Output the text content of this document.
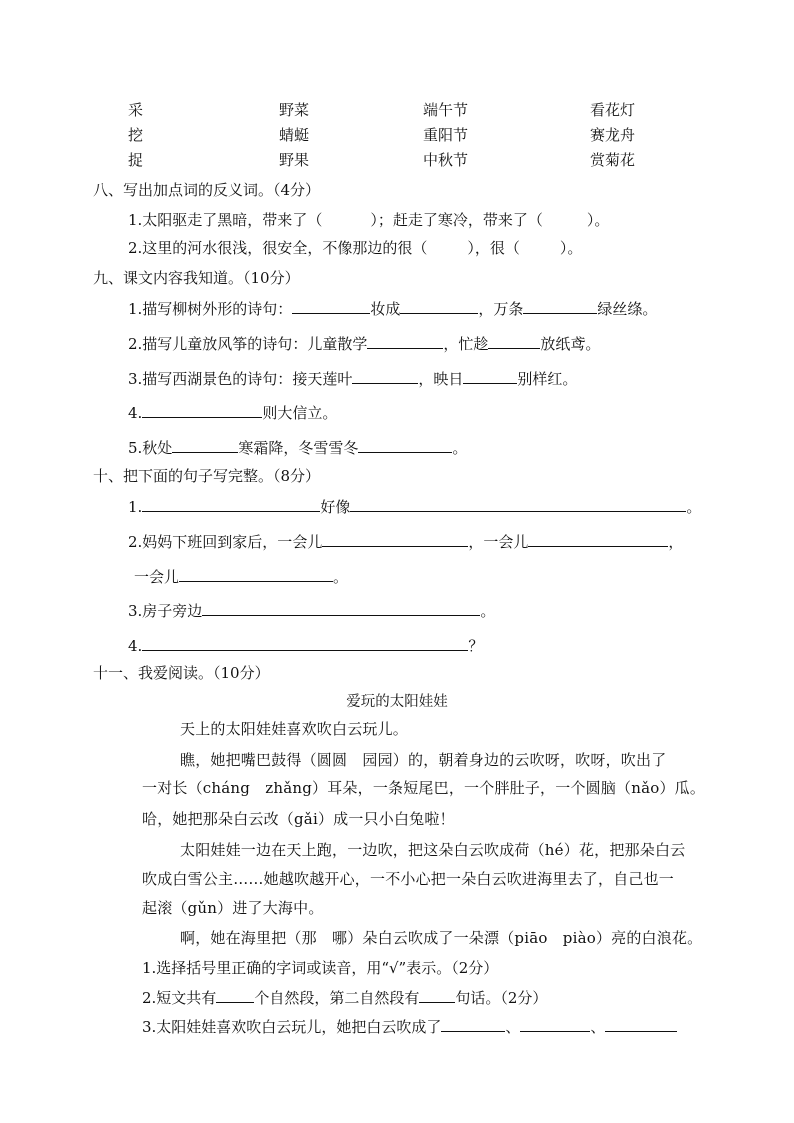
采	野菜	端午节	看花灯
挖	蜻蜓	重阳节	赛龙舟
捉	野果	中秋节	赏菊花
八、写出加点词的反义词。（4分）
1.太阳驱走了黑暗，带来了（	）；赶走了寒冷，带来了（	）。
2.这里的河水很浅，很安全，不像那边的很（	），很（	）。
九、课文内容我知道。（10分）
1.描写柳树外形的诗句：	妆成	，万条	绿丝绦。
2.描写儿童放风筝的诗句：儿童散学	，忙趁	放纸鸢。
3.描写西湖景色的诗句：接天莲叶	，映日	别样红。
4.	则大信立。
5.秋处	寒霜降，冬雪雪冬	。
十、把下面的句子写完整。（8分）
1.	好像	。
2.妈妈下班回到家后，一会儿	，一会儿	，
一会儿	。
3.房子旁边	。
4.	？
十一、我爱阅读。（10分）
爱玩的太阳娃娃
天上的太阳娃娃喜欢吹白云玩儿。
瞧，她把嘴巴鼓得（圆圆　园园）的，朝着身边的云吹呀，吹呀，吹出了
一对长（cháng　zhǎng）耳朵，一条短尾巴，一个胖肚子，一个圆脑（nǎo）瓜。
哈，她把那朵白云改（gǎi）成一只小白兔啦！
太阳娃娃一边在天上跑，一边吹，把这朵白云吹成荷（hé）花，把那朵白云
吹成白雪公主……她越吹越开心，一不小心把一朵白云吹进海里去了，自己也一
起滚（gǔn）进了大海中。
啊，她在海里把（那　哪）朵白云吹成了一朵漂（piāo　piào）亮的白浪花。
1.选择括号里正确的字词或读音，用“√”表示。（2分）
2.短文共有	个自然段，第二自然段有 句话。（2分）
3.太阳娃娃喜欢吹白云玩儿，她把白云吹成了	、	、
